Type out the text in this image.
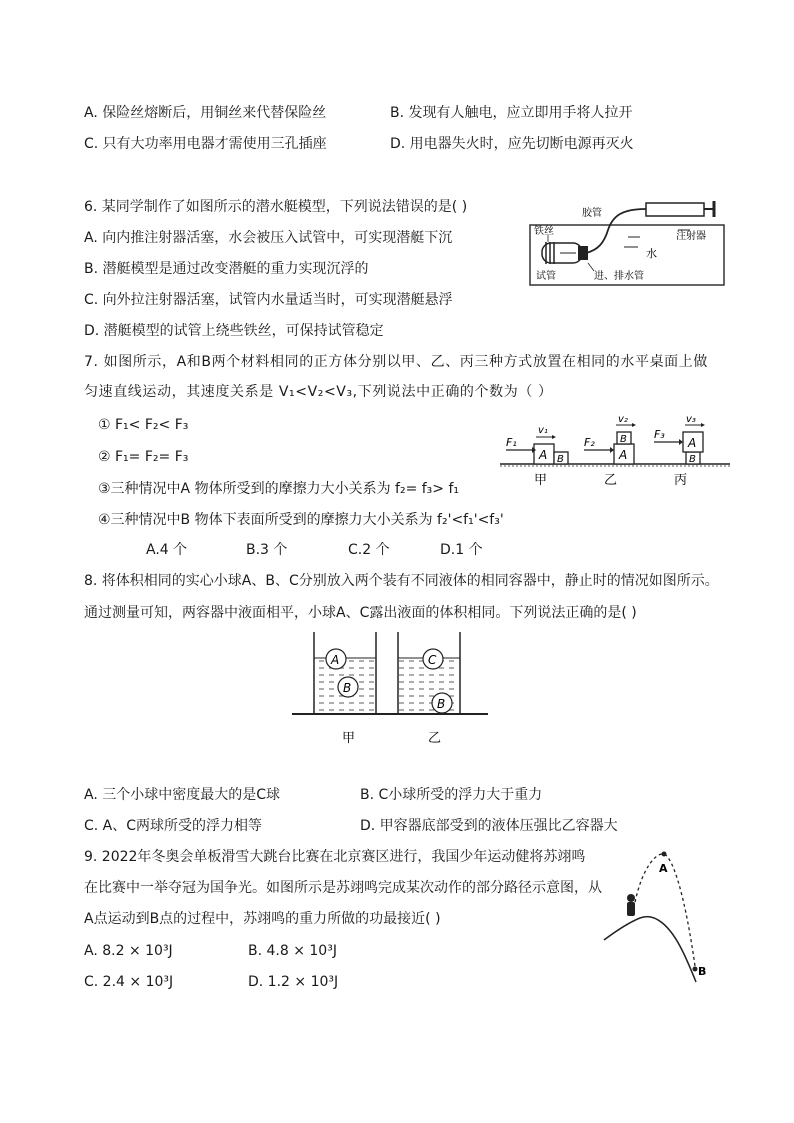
A. 保险丝熔断后，用铜丝来代替保险丝	B. 发现有人触电，应立即用手将人拉开
C. 只有大功率用电器才需使用三孔插座	D. 用电器失火时，应先切断电源再灭火
6. 某同学制作了如图所示的潜水艇模型，下列说法错误的是( )
A. 向内推注射器活塞，水会被压入试管中，可实现潜艇下沉
B. 潜艇模型是通过改变潜艇的重力实现沉浮的
C. 向外拉注射器活塞，试管内水量适当时，可实现潜艇悬浮
D. 潜艇模型的试管上绕些铁丝，可保持试管稳定
胶管
注射器
铁丝
水
试管	进、排水管
7. 如图所示，A和B两个材料相同的正方体分别以甲、乙、丙三种方式放置在相同的水平桌面上做
匀速直线运动，其速度关系是 V₁<V₂<V₃,下列说法中正确的个数为（ ）
① F₁< F₂< F₃
② F₁= F₂= F₃
③三种情况中A 物体所受到的摩擦力大小关系为 f₂= f₃> f₁
④三种情况中B 物体下表面所受到的摩擦力大小关系为 f₂'<f₁'<f₃'
A.4 个	B.3 个	C.2 个	D.1 个
A B
F₁
v₁
A
B
F₂
v₂
A
B
F₃
v₃
甲	乙	丙
8. 将体积相同的实心小球A、B、C分别放入两个装有不同液体的相同容器中，静止时的情况如图所示。
通过测量可知，两容器中液面相平，小球A、C露出液面的体积相同。下列说法正确的是( )
A
B
C
B
甲	乙
A. 三个小球中密度最大的是C球	B. C小球所受的浮力大于重力
C. A、C两球所受的浮力相等	D. 甲容器底部受到的液体压强比乙容器大
9. 2022年冬奥会单板滑雪大跳台比赛在北京赛区进行，我国少年运动健将苏翊鸣
在比赛中一举夺冠为国争光。如图所示是苏翊鸣完成某次动作的部分路径示意图，从
A点运动到B点的过程中，苏翊鸣的重力所做的功最接近( )
A. 8.2 × 10³J	B. 4.8 × 10³J
C. 2.4 × 10³J	D. 1.2 × 10³J
A
B
